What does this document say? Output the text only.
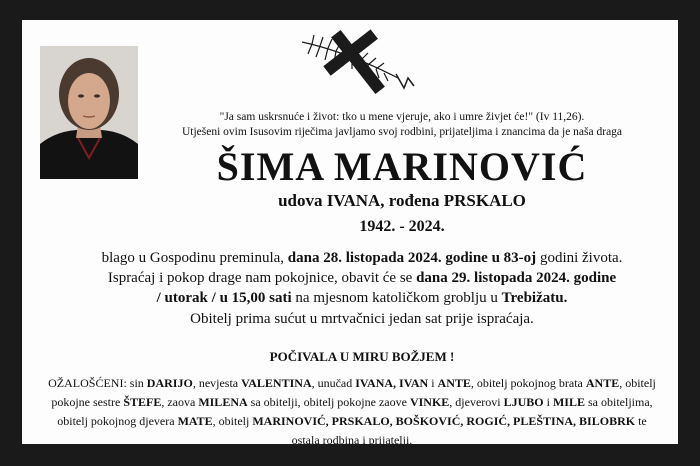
"Ja sam uskrsnuće i život: tko u mene vjeruje, ako i umre živjet će!" (Iv 11,26).
Utješeni ovim Isusovim riječima javljamo svoj rodbini, prijateljima i znancima da je naša draga
ŠIMA MARINOVIĆ
udova IVANA, rođena PRSKALO
1942. - 2024.

blago u Gospodinu preminula, dana 28. listopada 2024. godine u 83-oj godini života.

Ispraćaj i pokop drage nam pokojnice, obavit će se dana 29. listopada 2024. godine

/ utorak / u 15,00 sati na mjesnom katoličkom groblju u Trebižatu.

Obitelj prima sućut u mrtvačnici jedan sat prije ispraćaja.
POČIVALA U MIRU BOŽJEM !
OŽALOŠĆENI: sin DARIJO, nevjesta VALENTINA, unučad IVANA, IVAN i ANTE, obitelj pokojnog brata ANTE, obitelj pokojne sestre ŠTEFE, zaova MILENA sa obitelji, obitelj pokojne zaove VINKE, djeverovi LJUBO i MILE sa obiteljima, obitelj pokojnog djevera MATE, obitelj MARINOVIĆ, PRSKALO, BOŠKOVIĆ, ROGIĆ, PLEŠTINA, BILOBRK te ostala rodbina i prijatelji.
